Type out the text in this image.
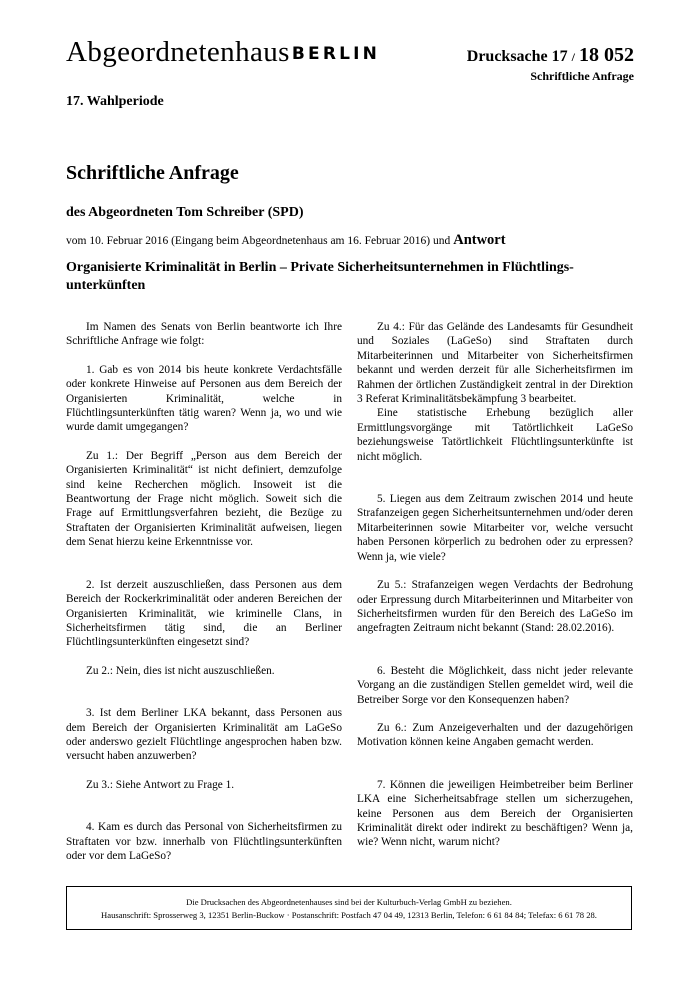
Abgeordnetenhaus BERLIN	Drucksache 17 / 18 052
Schriftliche Anfrage
17. Wahlperiode
Schriftliche Anfrage
des Abgeordneten Tom Schreiber (SPD)
vom 10. Februar 2016 (Eingang beim Abgeordnetenhaus am 16. Februar 2016) und Antwort
Organisierte Kriminalität in Berlin – Private Sicherheitsunternehmen in Flüchtlings-unterkünften

Im Namen des Senats von Berlin beantworte ich Ihre Schriftliche Anfrage wie folgt:

1. Gab es von 2014 bis heute konkrete Verdachtsfälle oder konkrete Hinweise auf Personen aus dem Bereich der Organisierten Kriminalität, welche in Flüchtlingsunterkünften tätig waren? Wenn ja, wo und wie wurde damit umgegangen?

Zu 1.: Der Begriff „Person aus dem Bereich der Organisierten Kriminalität“ ist nicht definiert, demzufolge sind keine Recherchen möglich. Insoweit ist die Beantwortung der Frage nicht möglich. Soweit sich die Frage auf Ermittlungsverfahren bezieht, die Bezüge zu Straftaten der Organisierten Kriminalität aufweisen, liegen dem Senat hierzu keine Erkenntnisse vor.

2. Ist derzeit auszuschließen, dass Personen aus dem Bereich der Rockerkriminalität oder anderen Bereichen der Organisierten Kriminalität, wie kriminelle Clans, in Sicherheitsfirmen tätig sind, die an Berliner Flüchtlingsunterkünften eingesetzt sind?

Zu 2.: Nein, dies ist nicht auszuschließen.

3. Ist dem Berliner LKA bekannt, dass Personen aus dem Bereich der Organisierten Kriminalität am LaGeSo oder anderswo gezielt Flüchtlinge angesprochen haben bzw. versucht haben anzuwerben?

Zu 3.: Siehe Antwort zu Frage 1.

4. Kam es durch das Personal von Sicherheitsfirmen zu Straftaten vor bzw. innerhalb von Flüchtlingsunterkünften oder vor dem LaGeSo?

Zu 4.: Für das Gelände des Landesamts für Gesundheit und Soziales (LaGeSo) sind Straftaten durch Mitarbeiterinnen und Mitarbeiter von Sicherheitsfirmen bekannt und werden derzeit für alle Sicherheitsfirmen im Rahmen der örtlichen Zuständigkeit zentral in der Direktion 3 Referat Kriminalitätsbekämpfung 3 bearbeitet.

Eine statistische Erhebung bezüglich aller Ermittlungsvorgänge mit Tatörtlichkeit LaGeSo beziehungsweise Tatörtlichkeit Flüchtlingsunterkünfte ist nicht möglich.

5. Liegen aus dem Zeitraum zwischen 2014 und heute Strafanzeigen gegen Sicherheitsunternehmen und/oder deren Mitarbeiterinnen sowie Mitarbeiter vor, welche versucht haben Personen körperlich zu bedrohen oder zu erpressen? Wenn ja, wie viele?

Zu 5.: Strafanzeigen wegen Verdachts der Bedrohung oder Erpressung durch Mitarbeiterinnen und Mitarbeiter von Sicherheitsfirmen wurden für den Bereich des LaGeSo im angefragten Zeitraum nicht bekannt (Stand: 28.02.2016).

6. Besteht die Möglichkeit, dass nicht jeder relevante Vorgang an die zuständigen Stellen gemeldet wird, weil die Betreiber Sorge vor den Konsequenzen haben?

Zu 6.: Zum Anzeigeverhalten und der dazugehörigen Motivation können keine Angaben gemacht werden.

7. Können die jeweiligen Heimbetreiber beim Berliner LKA eine Sicherheitsabfrage stellen um sicherzugehen, keine Personen aus dem Bereich der Organisierten Kriminalität direkt oder indirekt zu beschäftigen? Wenn ja, wie? Wenn nicht, warum nicht?

Die Drucksachen des Abgeordnetenhauses sind bei der Kulturbuch-Verlag GmbH zu beziehen.
Hausanschrift: Sprosserweg 3, 12351 Berlin-Buckow · Postanschrift: Postfach 47 04 49, 12313 Berlin, Telefon: 6 61 84 84; Telefax: 6 61 78 28.
